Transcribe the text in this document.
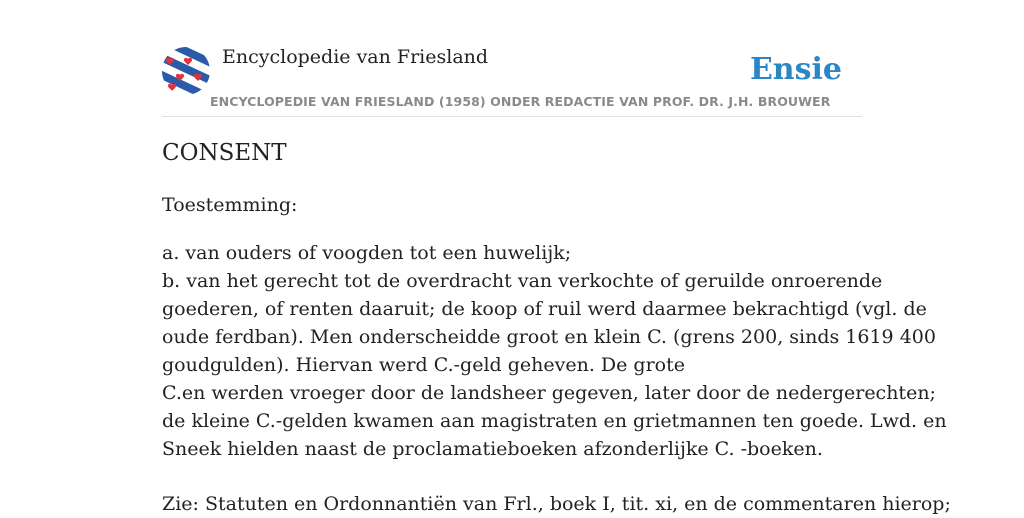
Encyclopedie van Friesland	Ensie
ENCYCLOPEDIE VAN FRIESLAND (1958) ONDER REDACTIE VAN PROF. DR. J.H. BROUWER
CONSENT
Toestemming:
a. van ouders of voogden tot een huwelijk;
b. van het gerecht tot de overdracht van verkochte of geruilde onroerende
goederen, of renten daaruit; de koop of ruil werd daarmee bekrachtigd (vgl. de
oude ferdban). Men onderscheidde groot en klein C. (grens 200, sinds 1619 400
goudgulden). Hiervan werd C.-geld geheven. De grote
C.en werden vroeger door de landsheer gegeven, later door de nedergerechten;
de kleine C.-gelden kwamen aan magistraten en grietmannen ten goede. Lwd. en
Sneek hielden naast de proclamatieboeken afzonderlijke C. -boeken.
Zie: Statuten en Ordonnantiën van Frl., boek I, tit. xi, en de commentaren hierop;
